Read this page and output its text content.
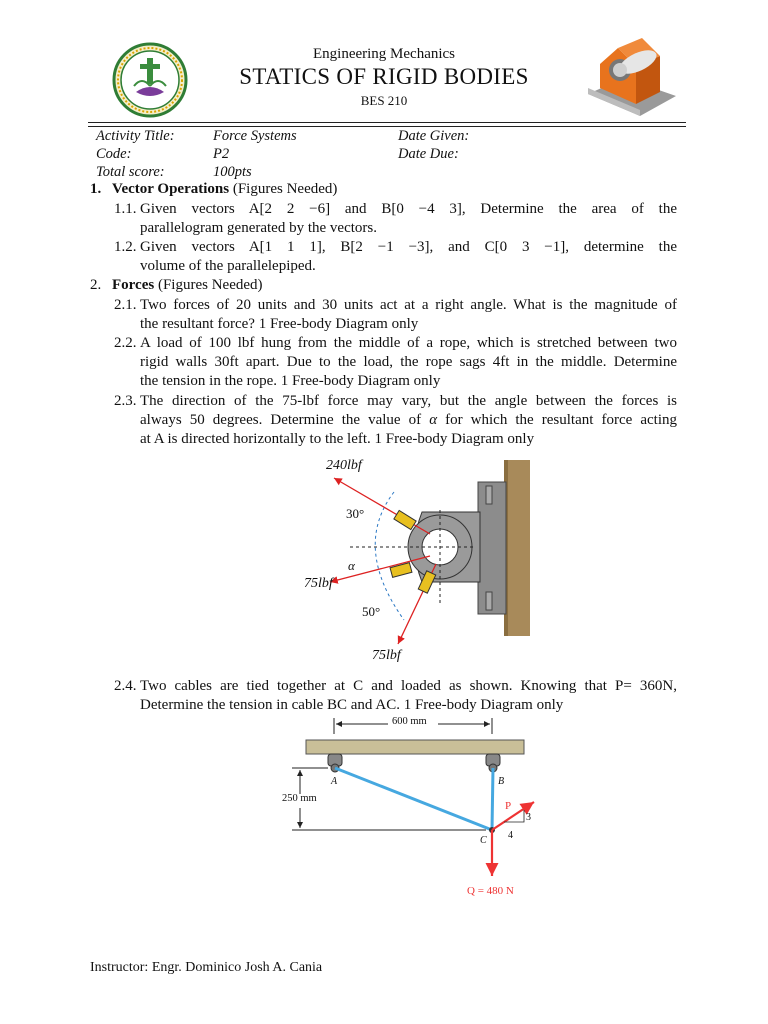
Engineering Mechanics
STATICS OF RIGID BODIES
BES 210
Activity Title:	Force Systems	Date Given:
Code:	P2	Date Due:
Total score:	100pts
1. Vector Operations (Figures Needed)
1.1. Given vectors A[2 2 −6] and B[0 −4 3], Determine the area of the
parallelogram generated by the vectors.
1.2. Given vectors A[1 1 1], B[2 −1 −3], and C[0 3 −1], determine the
volume of the parallelepiped.
2. Forces (Figures Needed)
2.1. Two forces of 20 units and 30 units act at a right angle. What is the magnitude of
the resultant force? 1 Free-body Diagram only
2.2. A load of 100 lbf hung from the middle of a rope, which is stretched between two
rigid walls 30ft apart. Due to the load, the rope sags 4ft in the middle. Determine
the tension in the rope. 1 Free-body Diagram only
2.3. The direction of the 75-lbf force may vary, but the angle between the forces is
always 50 degrees. Determine the value of α for which the resultant force acting
at A is directed horizontally to the left. 1 Free-body Diagram only
240lbf
30°
α
75lbf
50°
75lbf
2.4. Two cables are tied together at C and loaded as shown. Knowing that P= 360N,
Determine the tension in cable BC and AC. 1 Free-body Diagram only
600 mm
250 mm
A	B
C
P
3
4
Q = 480 N
Instructor: Engr. Dominico Josh A. Cania
